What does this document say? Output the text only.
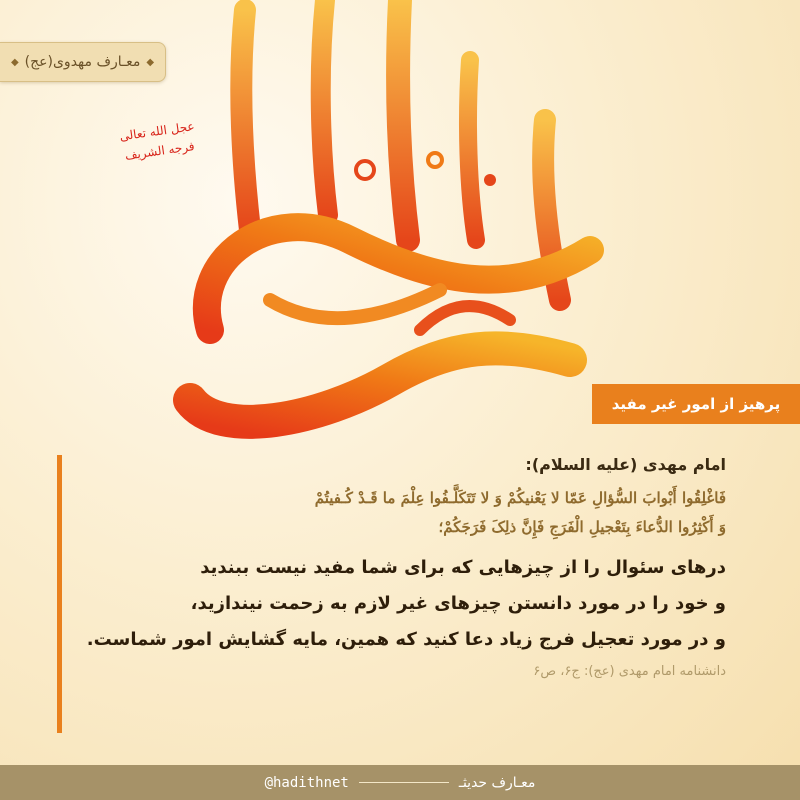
◆ معـارف مهدوی(عج) ◆
عجل الله تعالی
فرجه الشریف
پرهیز از امور غیر مفید

امام مهدی (علیه السلام):

فَاغْلِقُوا أَبْوابَ السُّؤالِ عَمّا لا یَعْنیکُمْ وَ لا تَتَکَلَّـفُوا عِلْمَ ما قَـدْ کُـفیتُمْ

وَ أَکْثِرُوا الدُّعاءَ بِتَعْجیلِ الْفَرَجِ فَإِنَّ ذلِکَ فَرَجَکُمْ؛

درهای سئوال را از چیزهایی که برای شما مفید نیست ببندید
و خود را در مورد دانستن چیزهای غیر لازم به زحمت نیندازید،
و در مورد تعجیل فرج زیاد دعا کنید که همین، مایه گشایش امور شماست.
دانشنامه امام مهدی (عج): ج۶، ص۶
@hadithnet	معـارف حدیثـ
